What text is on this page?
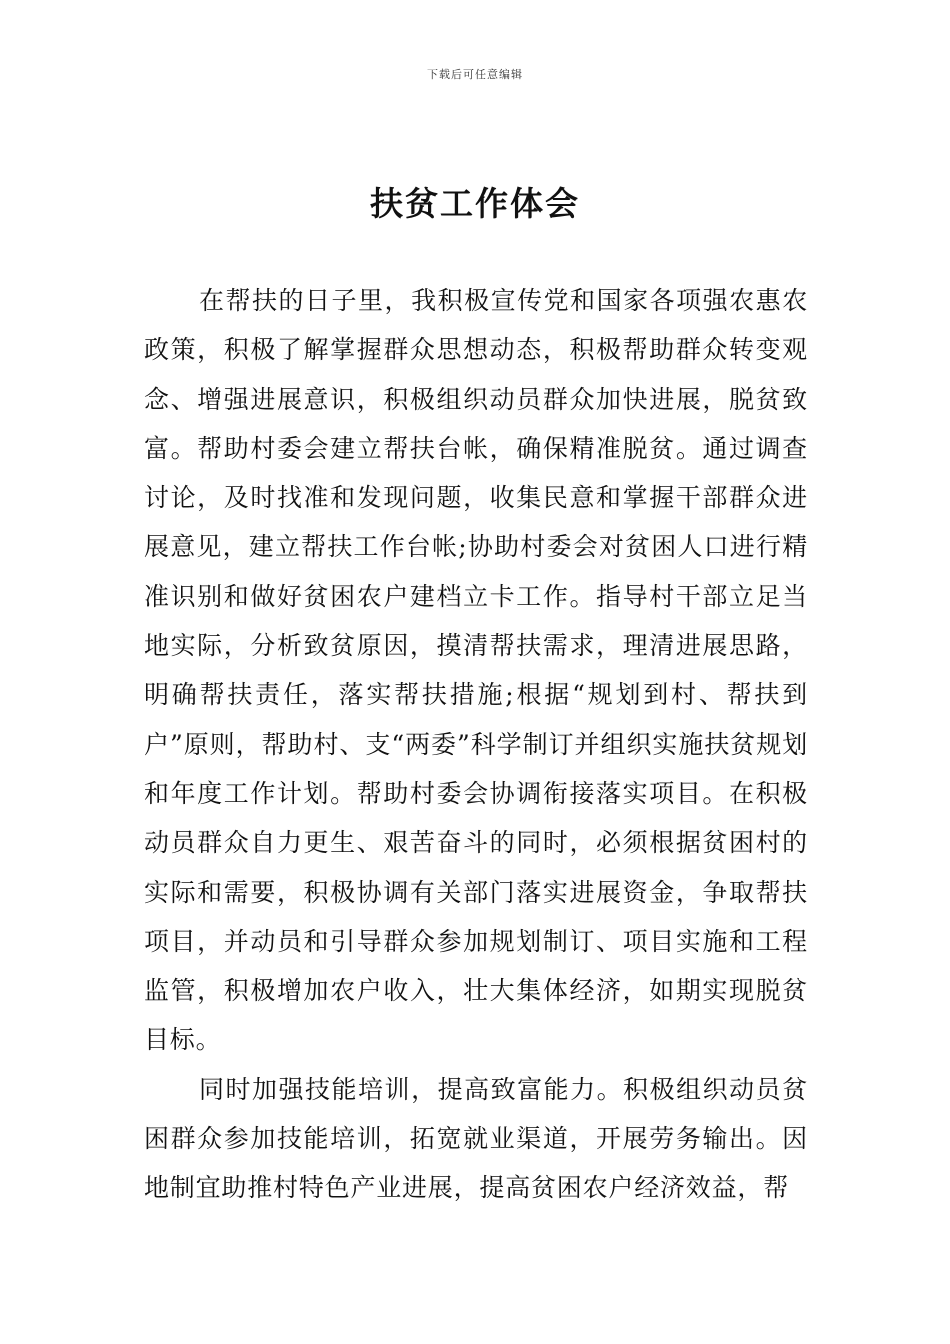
下载后可任意编辑
扶贫工作体会

在帮扶的日子里，我积极宣传党和国家各项强农惠农政策，积极了解掌握群众思想动态，积极帮助群众转变观念、增强进展意识，积极组织动员群众加快进展，脱贫致富。帮助村委会建立帮扶台帐，确保精准脱贫。通过调查讨论，及时找准和发现问题，收集民意和掌握干部群众进展意见，建立帮扶工作台帐;协助村委会对贫困人口进行精准识别和做好贫困农户建档立卡工作。指导村干部立足当地实际，分析致贫原因，摸清帮扶需求，理清进展思路，明确帮扶责任，落实帮扶措施;根据“规划到村、帮扶到户”原则，帮助村、支“两委”科学制订并组织实施扶贫规划和年度工作计划。帮助村委会协调衔接落实项目。在积极动员群众自力更生、艰苦奋斗的同时，必须根据贫困村的实际和需要，积极协调有关部门落实进展资金，争取帮扶项目，并动员和引导群众参加规划制订、项目实施和工程监管，积极增加农户收入，壮大集体经济，如期实现脱贫目标。

同时加强技能培训，提高致富能力。积极组织动员贫困群众参加技能培训，拓宽就业渠道，开展劳务输出。因地制宜助推村特色产业进展，提高贫困农户经济效益，帮
